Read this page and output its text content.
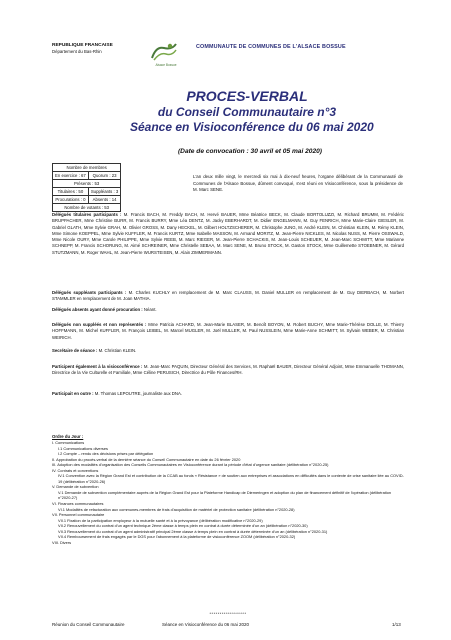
REPUBLIQUE FRANCAISE
Département du Bas-Rhin
Alsace Bossue
COMMUNAUTE DE COMMUNES DE L'ALSACE BOSSUE
PROCES-VERBAL
du Conseil Communautaire n°3
Séance en Visioconférence du 06 mai 2020
(Date de convocation : 30 avril et 05 mai 2020)
Nombre de membres	
En exercice : 67	Quorum : 23
Présents : 53	
Titulaires : 50	Suppléants : 3
Procurations : 0	Absents : 14
Nombre de votants : 53	
L'an deux mille vingt, le mercredi six mai à dix-neuf heures, l'organe délibérant de la Communauté de Communes de l'Alsace Bossue, dûment convoqué, s'est réuni en Visioconférence, sous la présidence de M. Marc SENE.
Délégués titulaires participants : M. Francis BACH, M. Freddy BACH, M. Hervé BAUER, Mme Béatrice BECK, M. Claude BORTOLUZZI, M. Richard BRUMM, M. Frédéric BRUPPACHER, Mme Christine BURR, M. Francis BURRY, Mme Léa DENTZ, M. Jacky EBERHARDT, M. Didier ENGELMANN, M. Guy FENRICH, Mme Marie-Claire GIESLER, M. Gabriel GLATH, Mme Sylvie GRAH, M. Olivier GROSS, M. Dany HECKEL, M. Gilbert HOLTZSCHERER, M. Christophe JUNG, M. André KLEIN, M. Christian KLEIN, M. Rémy KLEIN, Mme Simone KOEPPEL, Mme Sylvie KUFFLER, M. Francis KURTZ, Mme Isabelle MASSON, M. Armand MORITZ, M. Jean-Pierre NICKLES, M. Nicolas NUSS, M. Pierre OSSWALD, Mme Nicole OURY, Mme Carole PHILIPPE, Mme Sylvie REEB, M. Marc RIEGER, M. Jean-Pierre SCHACKIS, M. Jean-Louis SCHEUER, M. Jean-Marc SCHMITT, Mme Marianne SCHNEPP, M. Francis SCHORUNG, M. Aimé SCHREINER, Mme Christelle SEBAA, M. Marc SENE, M. Bruno STOCK, M. Gaston STOCK, Mme Guillemette STOEBNER, M. Gérard STUTZMANN, M. Roger WAHL, M. Jean-Pierre WURSTEISEN, M. Alain ZIMMERMANN.
Délégués suppléants participants : M. Charles KUCHLY en remplacement de M. Marc CLAUSS, M. Daniel MULLER en remplacement de M. Guy DIERBACH, M. Norbert STAMMLER en remplacement de M. Joan MATHIA.
Délégués absents ayant donné procuration : Néant.
Délégués non suppléés et non représentés : Mme Patricia ACHARD, M. Jean-Marie BLASER, M. Benoît BOYON, M. Robert BUCHY, Mme Marie-Thérèse DOLLE, M. Thierry HOFFMANN, M. Michel KUFFLER, M. François LEIBEL, M. Marcel MUGLER, M. Joël MULLER, M. Paul NUSSLEIN, Mme Marie-Anne SCHMITT, M. Sylvain WEBER, M. Christian WEIRICH.
Secrétaire de séance : M. Christian KLEIN.
Participent également à la visioconférence : M. Jean-Marc PAQUIN, Directeur Général des Services, M. Raphaël BAUER, Directeur Général Adjoint, Mme Emmanuelle THOMANN, Directrice de la Vie Culturelle et Familiale, Mme Céline PERUSICH, Directrice du Pôle Finances/RH.
Participait en outre : M. Thomas LEPOUTRE, journaliste aux DNA.
Ordre du Jour :
I. Communications
I.1 Communications diverses
I.2 Compte – rendu des décisions prises par délégation
II. Approbation du procès-verbal de la dernière séance du Conseil Communautaire en date du 26 février 2020
III. Adoption des modalités d'organisation des Conseils Communautaires en Visioconférence durant la période d'état d'urgence sanitaire (délibération n°2020-25)
IV. Contrats et conventions
IV.1 Convention avec la Région Grand Est et contribution de la CCAB au fonds « Résistance » de soutien aux entreprises et associations en difficultés dans le contexte de crise sanitaire liée au COVID-19 (délibération n°2020-26)
V. Demande de subvention
V.1 Demande de subvention complémentaire auprès de la Région Grand Est pour la Plateforme Handicap de Diemeringen et adoption du plan de financement définitif de l'opération (délibération n°2020-27)
VI. Finances communautaires
VI.1 Modalités de refacturation aux communes-membres de frais d'acquisition de matériel de protection sanitaire (délibération n°2020-28)
VII. Personnel communautaire
VII.1 Fixation de la participation employeur à la mutuelle santé et à la prévoyance (délibération modificative n°2020-29)
VII.2 Renouvellement du contrat d'un agent technique 2ème classe à temps plein en contrat à durée déterminée d'un an (délibération n°2020-30)
VII.3 Renouvellement du contrat d'un agent administratif principal 2ème classe à temps plein en contrat à durée déterminée d'un an (délibération n°2020-31)
VII.4 Remboursement de frais engagés par le DGS pour l'abonnement à la plateforme de visioconférence ZOOM (délibération n°2020-32)
VIII. Divers
******************
Réunion du Conseil Communautaire	Séance en Visioconférence du 06 mai 2020	1/13
